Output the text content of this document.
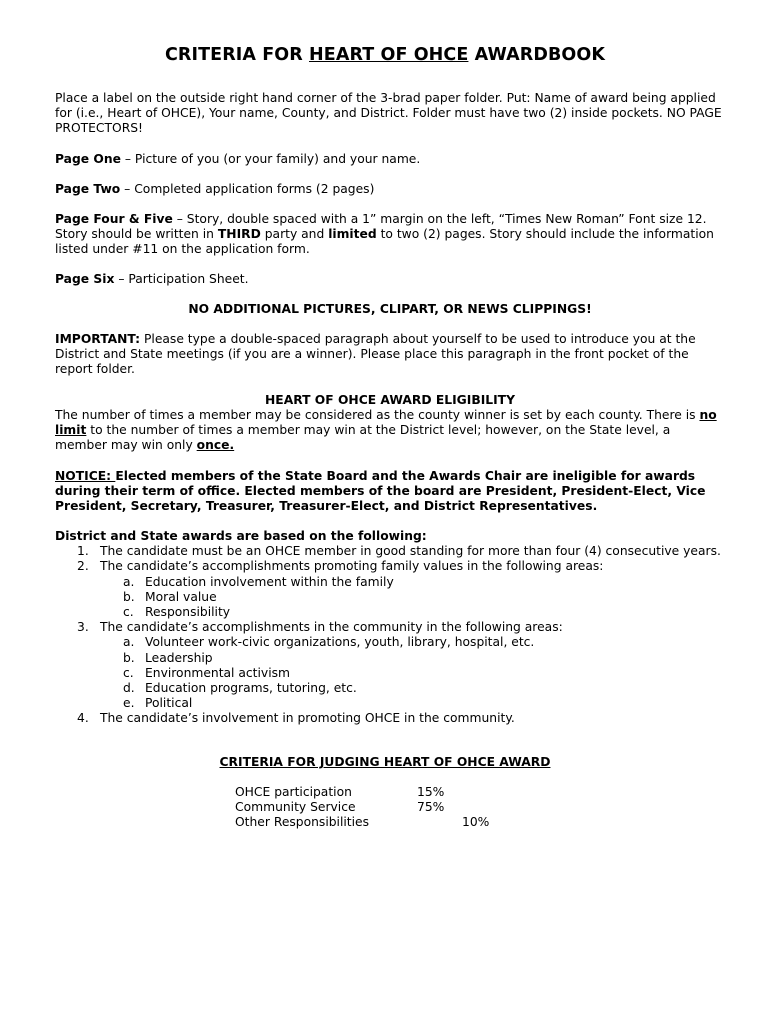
CRITERIA FOR HEART OF OHCE AWARDBOOK
Place a label on the outside right hand corner of the 3-brad paper folder. Put: Name of award being applied for (i.e., Heart of OHCE), Your name, County, and District. Folder must have two (2) inside pockets. NO PAGE PROTECTORS!
Page One – Picture of you (or your family) and your name.
Page Two – Completed application forms (2 pages)
Page Four & Five – Story, double spaced with a 1” margin on the left, “Times New Roman” Font size 12. Story should be written in THIRD party and limited to two (2) pages. Story should include the information listed under #11 on the application form.
Page Six – Participation Sheet.
NO ADDITIONAL PICTURES, CLIPART, OR NEWS CLIPPINGS!
IMPORTANT: Please type a double-spaced paragraph about yourself to be used to introduce you at the District and State meetings (if you are a winner). Please place this paragraph in the front pocket of the report folder.
HEART OF OHCE AWARD ELIGIBILITY
The number of times a member may be considered as the county winner is set by each county. There is no limit to the number of times a member may win at the District level; however, on the State level, a member may win only once.
NOTICE: Elected members of the State Board and the Awards Chair are ineligible for awards during their term of office. Elected members of the board are President, President-Elect, Vice President, Secretary, Treasurer, Treasurer-Elect, and District Representatives.
District and State awards are based on the following:
1. The candidate must be an OHCE member in good standing for more than four (4) consecutive years.
2. The candidate’s accomplishments promoting family values in the following areas:
a. Education involvement within the family
b. Moral value
c. Responsibility
3. The candidate’s accomplishments in the community in the following areas:
a. Volunteer work-civic organizations, youth, library, hospital, etc.
b. Leadership
c. Environmental activism
d. Education programs, tutoring, etc.
e. Political
4. The candidate’s involvement in promoting OHCE in the community.
CRITERIA FOR JUDGING HEART OF OHCE AWARD
OHCE participation	15%
Community Service	75%
Other Responsibilities	10%
